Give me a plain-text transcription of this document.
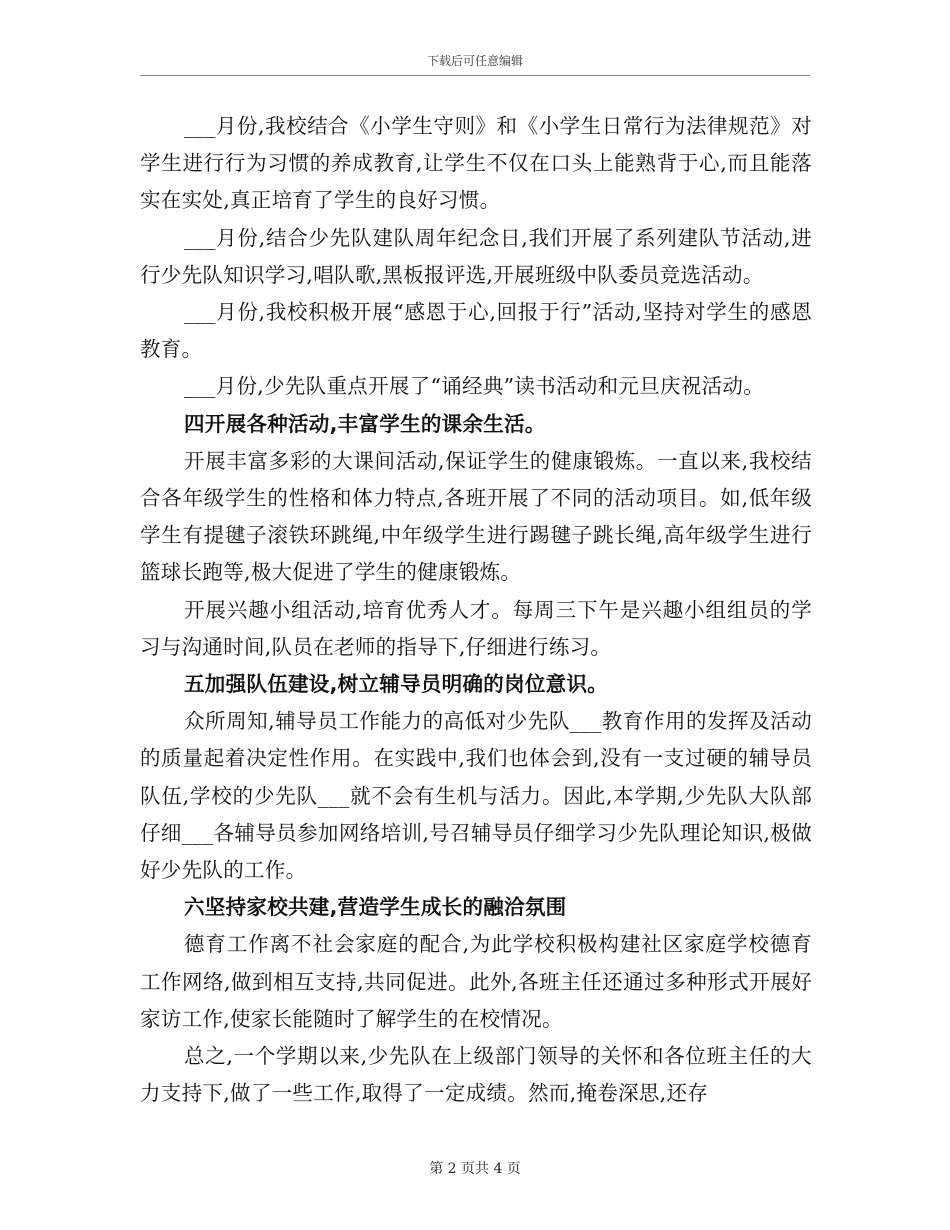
下载后可任意编辑

___月份,我校结合《小学生守则》和《小学生日常行为法律规范》对学生进行行为习惯的养成教育,让学生不仅在口头上能熟背于心,而且能落实在实处,真正培育了学生的良好习惯。

___月份,结合少先队建队周年纪念日,我们开展了系列建队节活动,进行少先队知识学习,唱队歌,黑板报评选,开展班级中队委员竞选活动。

___月份,我校积极开展“感恩于心,回报于行”活动,坚持对学生的感恩教育。

___月份,少先队重点开展了“诵经典”读书活动和元旦庆祝活动。

四开展各种活动,丰富学生的课余生活。

开展丰富多彩的大课间活动,保证学生的健康锻炼。一直以来,我校结合各年级学生的性格和体力特点,各班开展了不同的活动项目。如,低年级学生有提毽子滚铁环跳绳,中年级学生进行踢毽子跳长绳,高年级学生进行篮球长跑等,极大促进了学生的健康锻炼。

开展兴趣小组活动,培育优秀人才。每周三下午是兴趣小组组员的学习与沟通时间,队员在老师的指导下,仔细进行练习。

五加强队伍建设,树立辅导员明确的岗位意识。

众所周知,辅导员工作能力的高低对少先队___教育作用的发挥及活动的质量起着决定性作用。在实践中,我们也体会到,没有一支过硬的辅导员队伍,学校的少先队___就不会有生机与活力。因此,本学期,少先队大队部仔细___各辅导员参加网络培训,号召辅导员仔细学习少先队理论知识,极做好少先队的工作。

六坚持家校共建,营造学生成长的融洽氛围

德育工作离不社会家庭的配合,为此学校积极构建社区家庭学校德育工作网络,做到相互支持,共同促进。此外,各班主任还通过多种形式开展好家访工作,使家长能随时了解学生的在校情况。

总之,一个学期以来,少先队在上级部门领导的关怀和各位班主任的大力支持下,做了一些工作,取得了一定成绩。然而,掩卷深思,还存

第 2 页共 4 页
